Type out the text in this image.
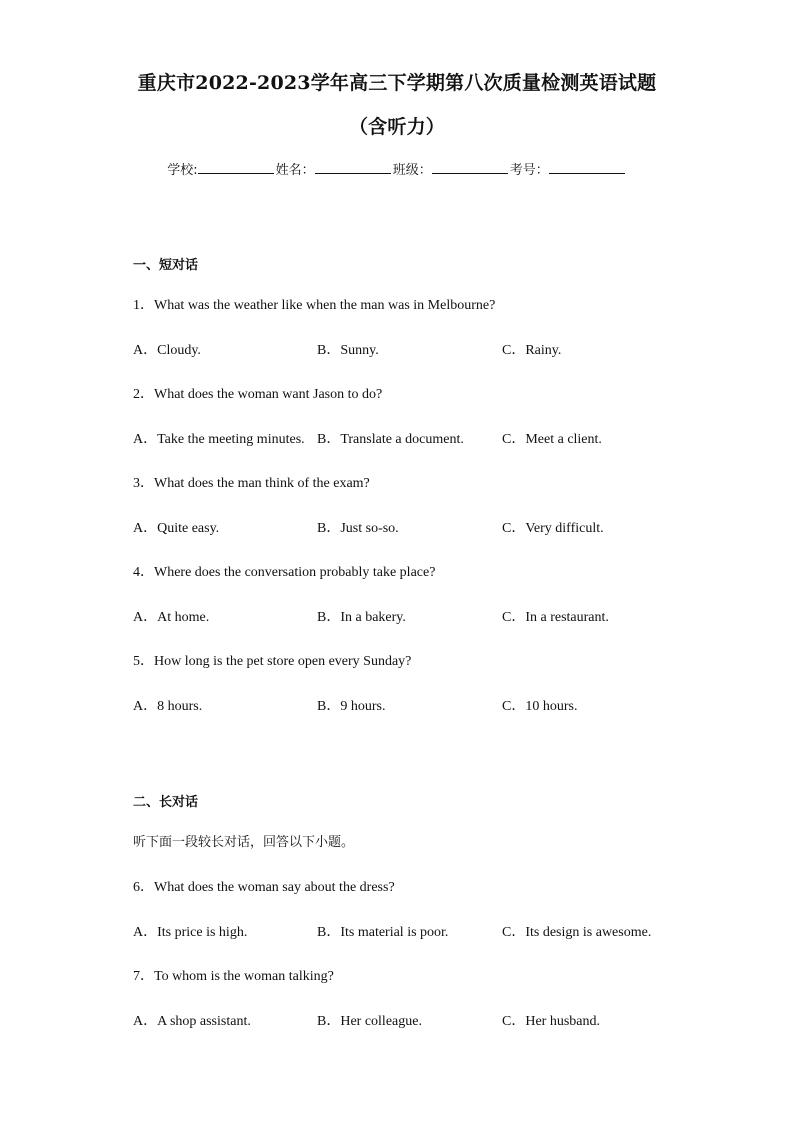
重庆市2022-2023学年高三下学期第八次质量检测英语试题
（含听力）
学校:	姓名：	班级：	考号：
一、短对话
1．What was the weather like when the man was in Melbourne?
A．Cloudy.	B．Sunny.	C．Rainy.
2．What does the woman want Jason to do?
A．Take the meeting minutes. B．Translate a document.	C．Meet a client.
3．What does the man think of the exam?
A．Quite easy.	B．Just so-so.	C．Very difficult.
4．Where does the conversation probably take place?
A．At home.	B．In a bakery.	C．In a restaurant.
5．How long is the pet store open every Sunday?
A．8 hours.	B．9 hours.	C．10 hours.
二、长对话
听下面一段较长对话，回答以下小题。
6．What does the woman say about the dress?
A．Its price is high.	B．Its material is poor.	C．Its design is awesome.
7．To whom is the woman talking?
A．A shop assistant.	B．Her colleague.	C．Her husband.
